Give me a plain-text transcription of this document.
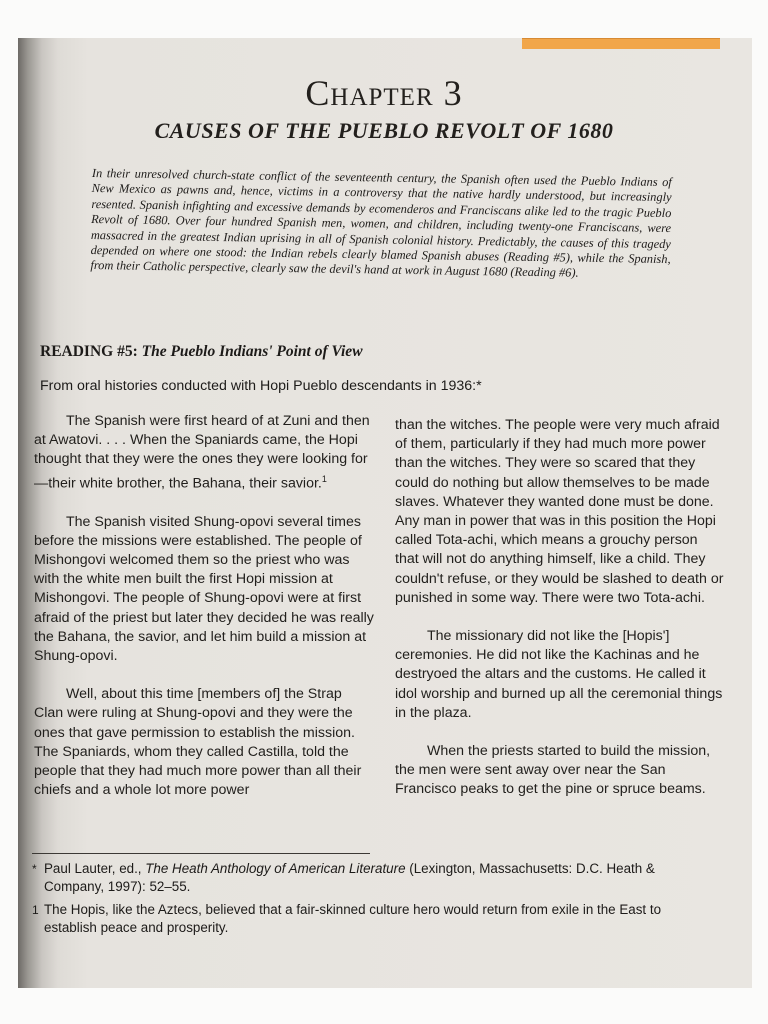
Chapter 3
CAUSES OF THE PUEBLO REVOLT OF 1680
In their unresolved church-state conflict of the seventeenth century, the Spanish often used the Pueblo Indians of New Mexico as pawns and, hence, victims in a controversy that the native hardly understood, but increasingly resented. Spanish infighting and excessive demands by ecomenderos and Franciscans alike led to the tragic Pueblo Revolt of 1680. Over four hundred Spanish men, women, and children, including twenty-one Franciscans, were massacred in the greatest Indian uprising in all of Spanish colonial history. Predictably, the causes of this tragedy depended on where one stood: the Indian rebels clearly blamed Spanish abuses (Reading #5), while the Spanish, from their Catholic perspective, clearly saw the devil's hand at work in August 1680 (Reading #6).
READING #5: The Pueblo Indians' Point of View
From oral histories conducted with Hopi Pueblo descendants in 1936:*

The Spanish were first heard of at Zuni and then at Awatovi. . . . When the Spaniards came, the Hopi thought that they were the ones they were looking for—their white brother, the Bahana, their savior.$^1$

The Spanish visited Shung-opovi several times before the missions were established. The people of Mishongovi welcomed them so the priest who was with the white men built the first Hopi mission at Mishongovi. The people of Shung-opovi were at first afraid of the priest but later they decided he was really the Bahana, the savior, and let him build a mission at Shung-opovi.

Well, about this time [members of] the Strap Clan were ruling at Shung-opovi and they were the ones that gave permission to establish the mission. The Spaniards, whom they called Castilla, told the people that they had much more power than all their chiefs and a whole lot more power

than the witches. The people were very much afraid of them, particularly if they had much more power than the witches. They were so scared that they could do nothing but allow themselves to be made slaves. Whatever they wanted done must be done. Any man in power that was in this position the Hopi called Tota-achi, which means a grouchy person that will not do anything himself, like a child. They couldn't refuse, or they would be slashed to death or punished in some way. There were two Tota-achi.

The missionary did not like the [Hopis'] ceremonies. He did not like the Kachinas and he destryoed the altars and the customs. He called it idol worship and burned up all the ceremonial things in the plaza.

When the priests started to build the mission, the men were sent away over near the San Francisco peaks to get the pine or spruce beams.

* Paul Lauter, ed., The Heath Anthology of American Literature (Lexington, Massachusetts: D.C. Heath & Company, 1997): 52–55.
1 The Hopis, like the Aztecs, believed that a fair-skinned culture hero would return from exile in the East to establish peace and prosperity.
